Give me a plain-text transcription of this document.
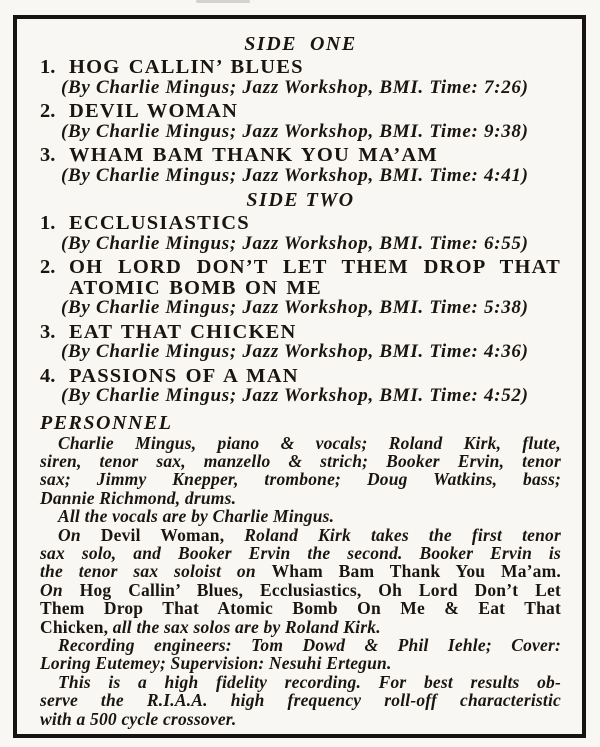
SIDE  ONE
1. HOG CALLIN’ BLUES
(By Charlie Mingus; Jazz Workshop, BMI. Time: 7:26)
2. DEVIL WOMAN
(By Charlie Mingus; Jazz Workshop, BMI. Time: 9:38)
3. WHAM BAM THANK YOU MA’AM
(By Charlie Mingus; Jazz Workshop, BMI. Time: 4:41)
SIDE TWO
1. ECCLUSIASTICS
(By Charlie Mingus; Jazz Workshop, BMI. Time: 6:55)
2. OH LORD DON’T LET THEM DROP THAT
ATOMIC BOMB ON ME
(By Charlie Mingus; Jazz Workshop, BMI. Time: 5:38)
3. EAT THAT CHICKEN
(By Charlie Mingus; Jazz Workshop, BMI. Time: 4:36)
4. PASSIONS OF A MAN
(By Charlie Mingus; Jazz Workshop, BMI. Time: 4:52)
PERSONNEL
Charlie Mingus, piano & vocals; Roland Kirk, flute,
siren, tenor sax, manzello & strich; Booker Ervin, tenor
sax; Jimmy Knepper, trombone; Doug Watkins, bass;
Dannie Richmond, drums.
All the vocals are by Charlie Mingus.
On Devil Woman, Roland Kirk takes the first tenor
sax solo, and Booker Ervin the second. Booker Ervin is
the tenor sax soloist on Wham Bam Thank You Ma’am.
On Hog Callin’ Blues, Ecclusiastics, Oh Lord Don’t Let
Them Drop That Atomic Bomb On Me & Eat That
Chicken, all the sax solos are by Roland Kirk.
Recording engineers: Tom Dowd & Phil Iehle; Cover:
Loring Eutemey; Supervision: Nesuhi Ertegun.
This is a high fidelity recording. For best results ob-
serve the R.I.A.A. high frequency roll-off characteristic
with a 500 cycle crossover.
